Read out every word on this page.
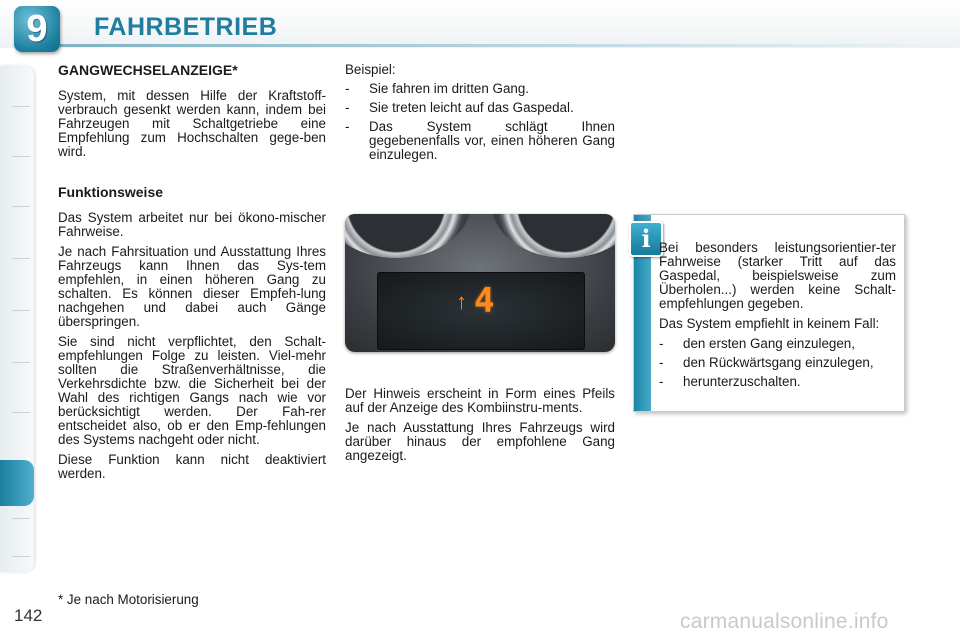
9	FAHRBETRIEB
GANGWECHSELANZEIGE*

System, mit dessen Hilfe der Kraftstoff-verbrauch gesenkt werden kann, indem bei Fahrzeugen mit Schaltgetriebe eine Empfehlung zum Hochschalten gege-ben wird.

Funktionsweise

Das System arbeitet nur bei ökono-mischer Fahrweise.

Je nach Fahrsituation und Ausstattung Ihres Fahrzeugs kann Ihnen das Sys-tem empfehlen, in einen höheren Gang zu schalten. Es können dieser Empfeh-lung nachgehen und dabei auch Gänge überspringen.

Sie sind nicht verpflichtet, den Schalt-empfehlungen Folge zu leisten. Viel-mehr sollten die Straßenverhältnisse, die Verkehrsdichte bzw. die Sicherheit bei der Wahl des richtigen Gangs nach wie vor berücksichtigt werden. Der Fah-rer entscheidet also, ob er den Emp-fehlungen des Systems nachgeht oder nicht.

Diese Funktion kann nicht deaktiviert werden.

Beispiel:

- Sie fahren im dritten Gang.
- Sie treten leicht auf das Gaspedal.
- Das System schlägt Ihnen gegebenenfalls vor, einen höheren Gang einzulegen.
↑ 4

Der Hinweis erscheint in Form eines Pfeils auf der Anzeige des Kombiinstru-ments.

Je nach Ausstattung Ihres Fahrzeugs wird darüber hinaus der empfohlene Gang angezeigt.

i Bei besonders leistungsorientier-ter Fahrweise (starker Tritt auf das Gaspedal, beispielsweise zum Überholen...) werden keine Schalt-empfehlungen gegeben.

Das System empfiehlt in keinem Fall:

- den ersten Gang einzulegen,
- den Rückwärtsgang einzulegen,
- herunterzuschalten.
* Je nach Motorisierung
142	carmanualsonline.info
